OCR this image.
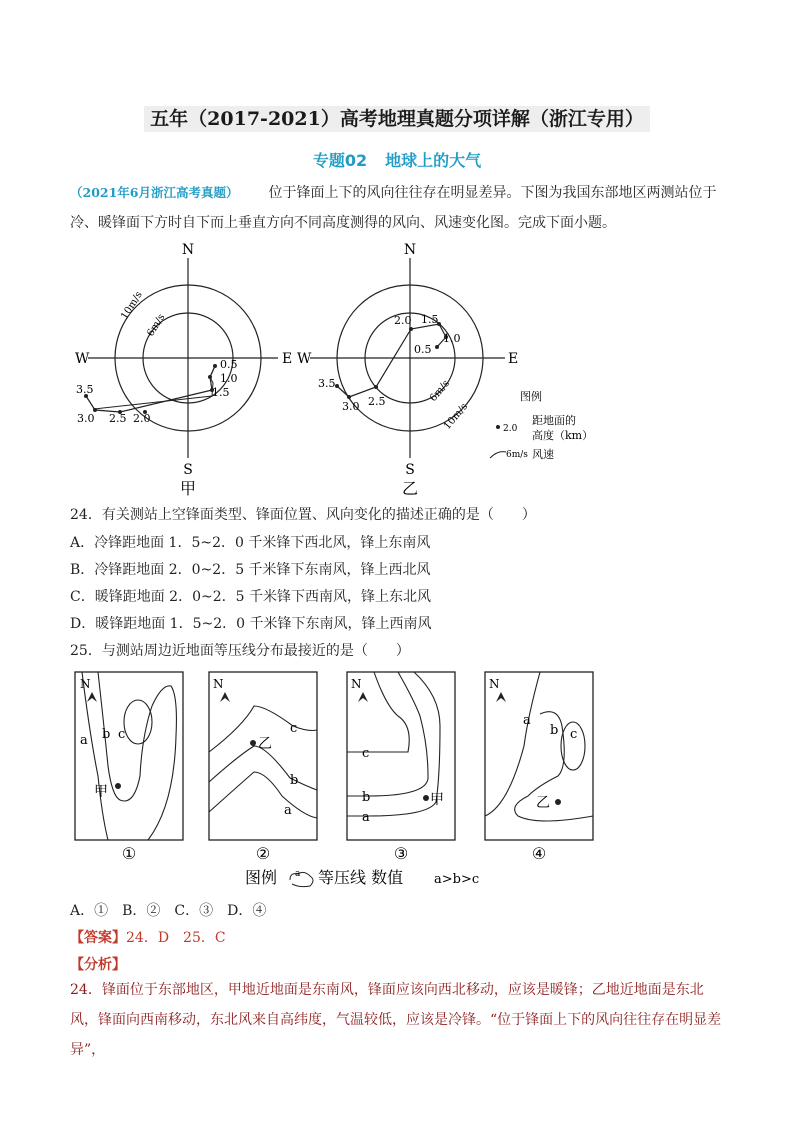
五年（2017-2021）高考地理真题分项详解（浙江专用）
专题02 地球上的大气
（2021年6月浙江高考真题） 位于锋面上下的风向往往存在明显差异。下图为我国东部地区两测站位于冷、暖锋面下方时自下而上垂直方向不同高度测得的风向、风速变化图。完成下面小题。
N
S
E
W
10m/s
6m/s
0.5
1.0
1.5
2.0
2.5
3.0
3.5
甲
N
S
E
W
10m/s
6m/s
0.5
1.0
1.5
2.0
2.5
3.0
3.5
乙
图例
2.0
距地面的
高度（km）
6m/s 风速
24．有关测站上空锋面类型、锋面位置、风向变化的描述正确的是（　　）
A．冷锋距地面 1．5~2．0 千米锋下西北风，锋上东南风
B．冷锋距地面 2．0~2．5 千米锋下东南风，锋上西北风
C．暖锋距地面 2．0~2．5 千米锋下西南风，锋上东北风
D．暖锋距地面 1．5~2．0 千米锋下东南风，锋上西南风
25．与测站周边近地面等压线分布最接近的是（　　）
N
a b c
甲
①
N
乙
c
b
a
②
N
c
b
a
甲
③
N
a
b c
乙
④
图例 a 等压线 数值 a>b>c
A．①　B．②　C．③　D．④
【答案】24．D　25．C
【分析】
24．锋面位于东部地区，甲地近地面是东南风，锋面应该向西北移动，应该是暖锋；乙地近地面是东北风，锋面向西南移动，东北风来自高纬度，气温较低，应该是冷锋。“位于锋面上下的风向往往存在明显差异”，
